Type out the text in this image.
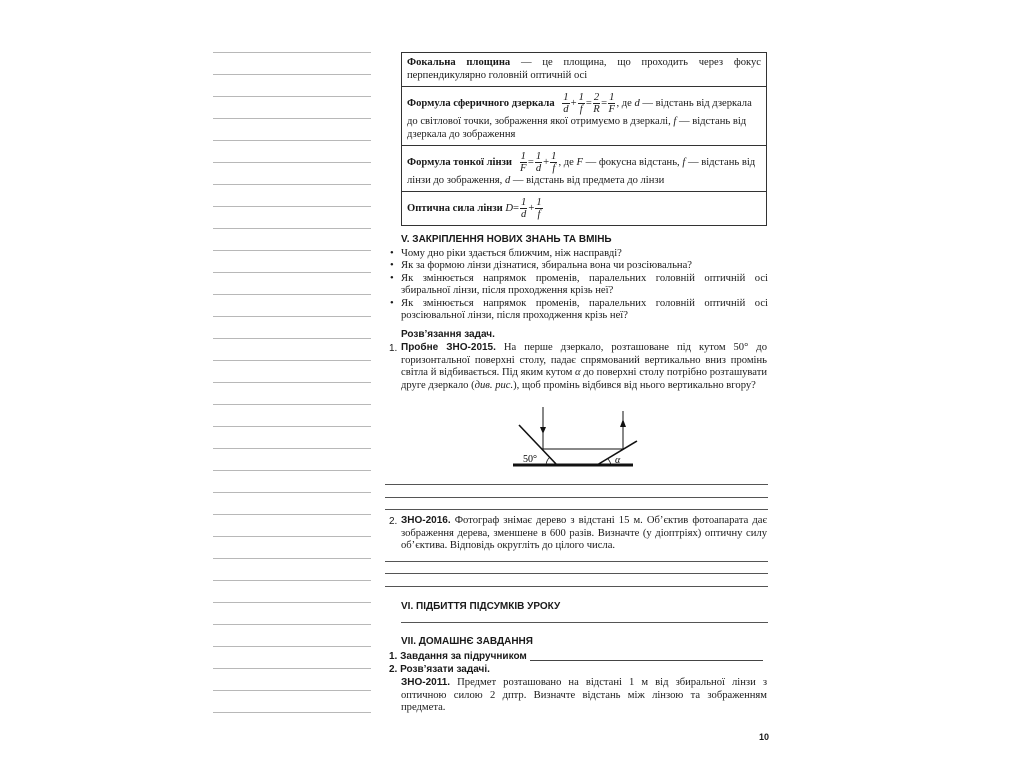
Фокальна площина — це площина, що проходить через фокус перпендикулярно головній оптичній осі
Формула сферичного дзеркала $\frac{1}{d} + \frac{1}{f} = \frac{2}{R} = \frac{1}{F}$ , де d — відстань від дзеркала до світлової точки, зображення якої отримуємо в дзеркалі, f — відстань від дзеркала до зображення
Формула тонкої лінзи $\frac{1}{F} = \frac{1}{d} + \frac{1}{f}$ , де F — фокусна відстань, f — відстань від лінзи до зображення, d — відстань від предмета до лінзи
Оптична сила лінзи $D= \frac{1}{d} + \frac{1}{f}$
V. ЗАКРІПЛЕННЯ НОВИХ ЗНАНЬ ТА ВМІНЬ
• Чому дно ріки здається ближчим, ніж насправді?
• Як за формою лінзи дізнатися, збиральна вона чи розсіювальна?
• Як змінюється напрямок променів, паралельних головній оптичній осі збиральної лінзи, після проходження крізь неї?
• Як змінюється напрямок променів, паралельних головній оптичній осі розсіювальної лінзи, після проходження крізь неї?
Розв’язання задач.
1. Пробне ЗНО-2015. На перше дзеркало, розташоване під кутом 50° до горизонтальної поверхні столу, падає спрямований вертикально вниз промінь світла й відбивається. Під яким кутом α до поверхні столу потрібно розташувати друге дзеркало (див. рис.), щоб промінь відбився від нього вертикально вгору?
50°	α
2. ЗНО-2016. Фотограф знімає дерево з відстані 15 м. Об’єктив фотоапарата дає зображення дерева, зменшене в 600 разів. Визначте (у діоптріях) оптичну силу об’єктива. Відповідь округліть до цілого числа.
VI. ПІДБИТТЯ ПІДСУМКІВ УРОКУ
VII. ДОМАШНЄ ЗАВДАННЯ
1. Завдання за підручником
2. Розв’язати задачі.
ЗНО-2011. Предмет розташовано на відстані 1 м від збиральної лінзи з оптичною силою 2 дптр. Визначте відстань між лінзою та зображенням предмета.
10
